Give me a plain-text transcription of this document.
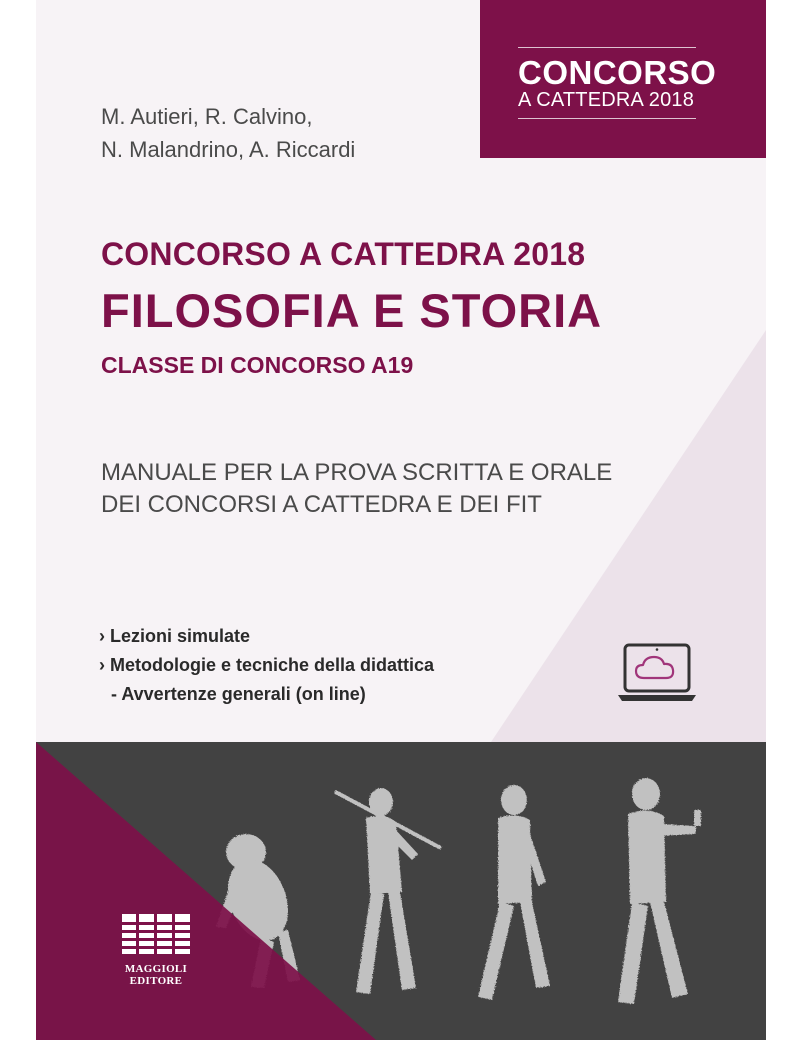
CONCORSO
A CATTEDRA 2018
M. Autieri, R. Calvino,
N. Malandrino, A. Riccardi
CONCORSO A CATTEDRA 2018
FILOSOFIA E STORIA
CLASSE DI CONCORSO A19
MANUALE PER LA PROVA SCRITTA E ORALE
DEI CONCORSI A CATTEDRA E DEI FIT
› Lezioni simulate
› Metodologie e tecniche della didattica
- Avvertenze generali (on line)
MAGGIOLI
EDITORE
